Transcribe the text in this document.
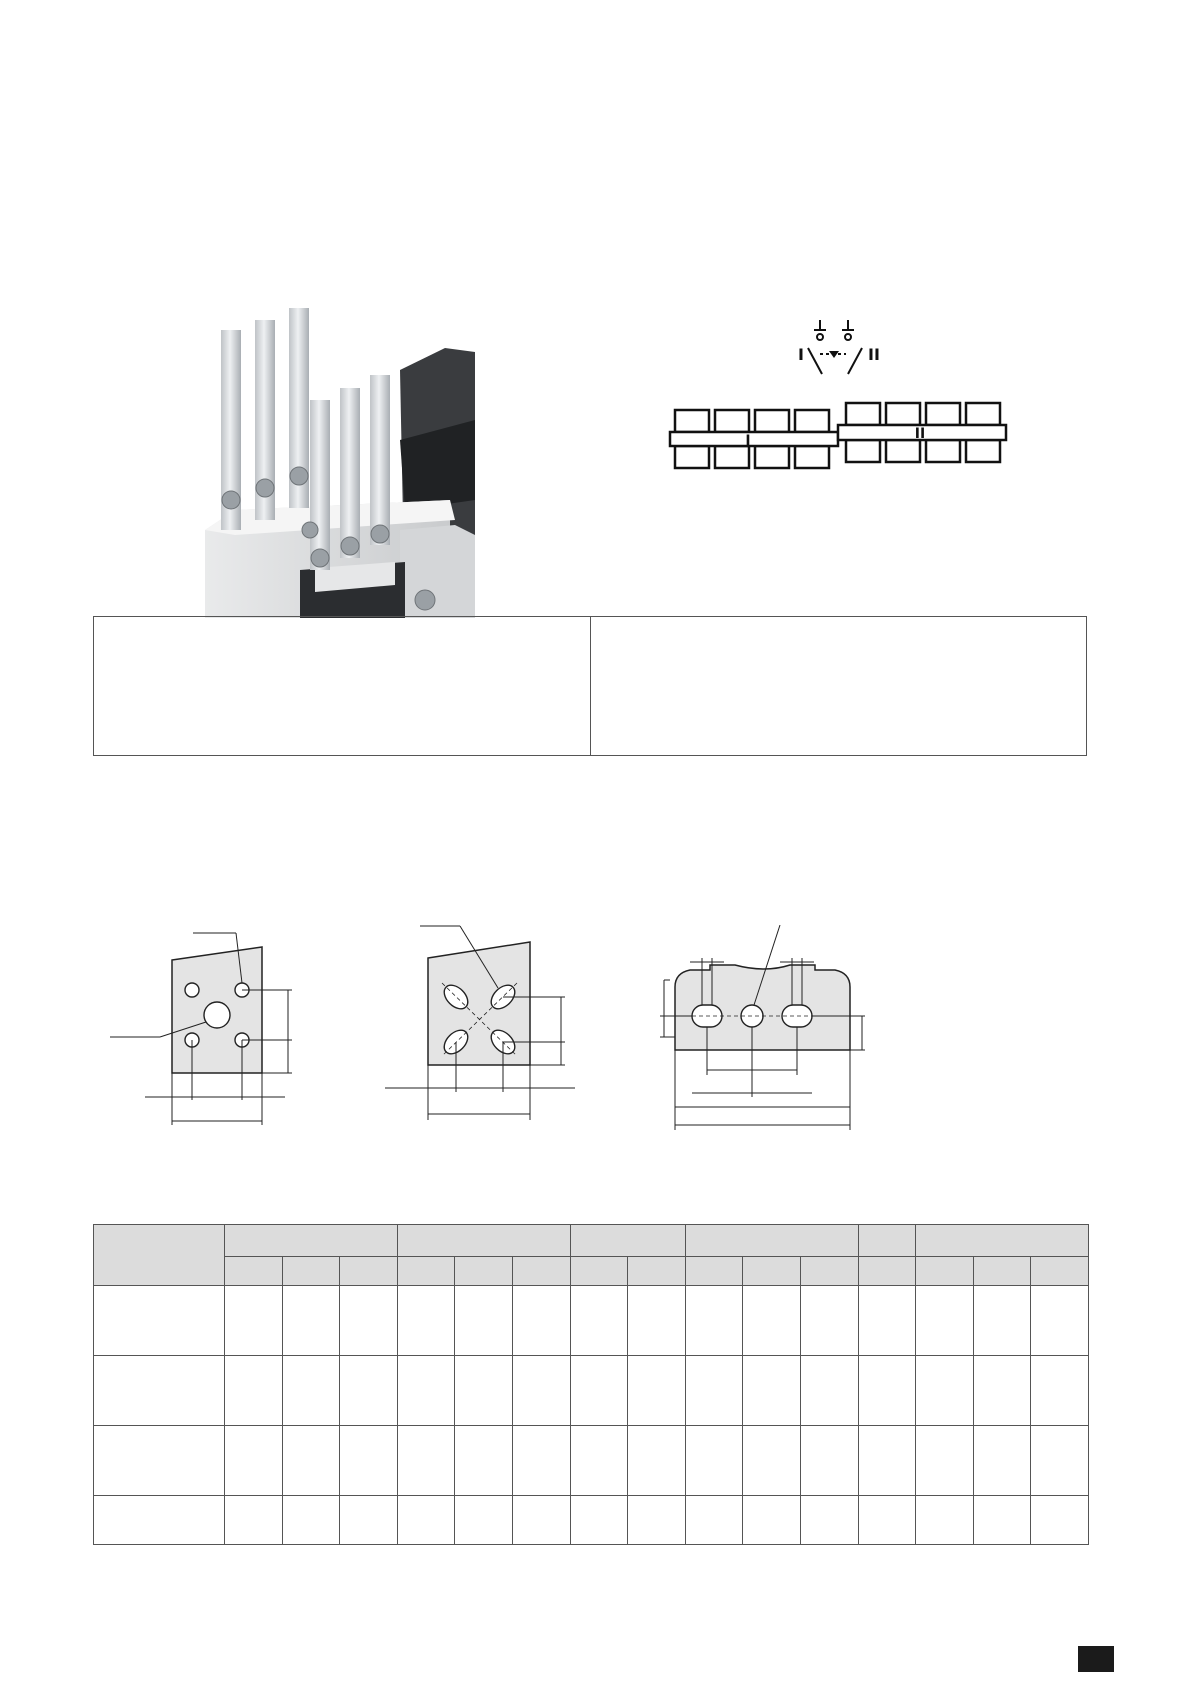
I	II
I	II
